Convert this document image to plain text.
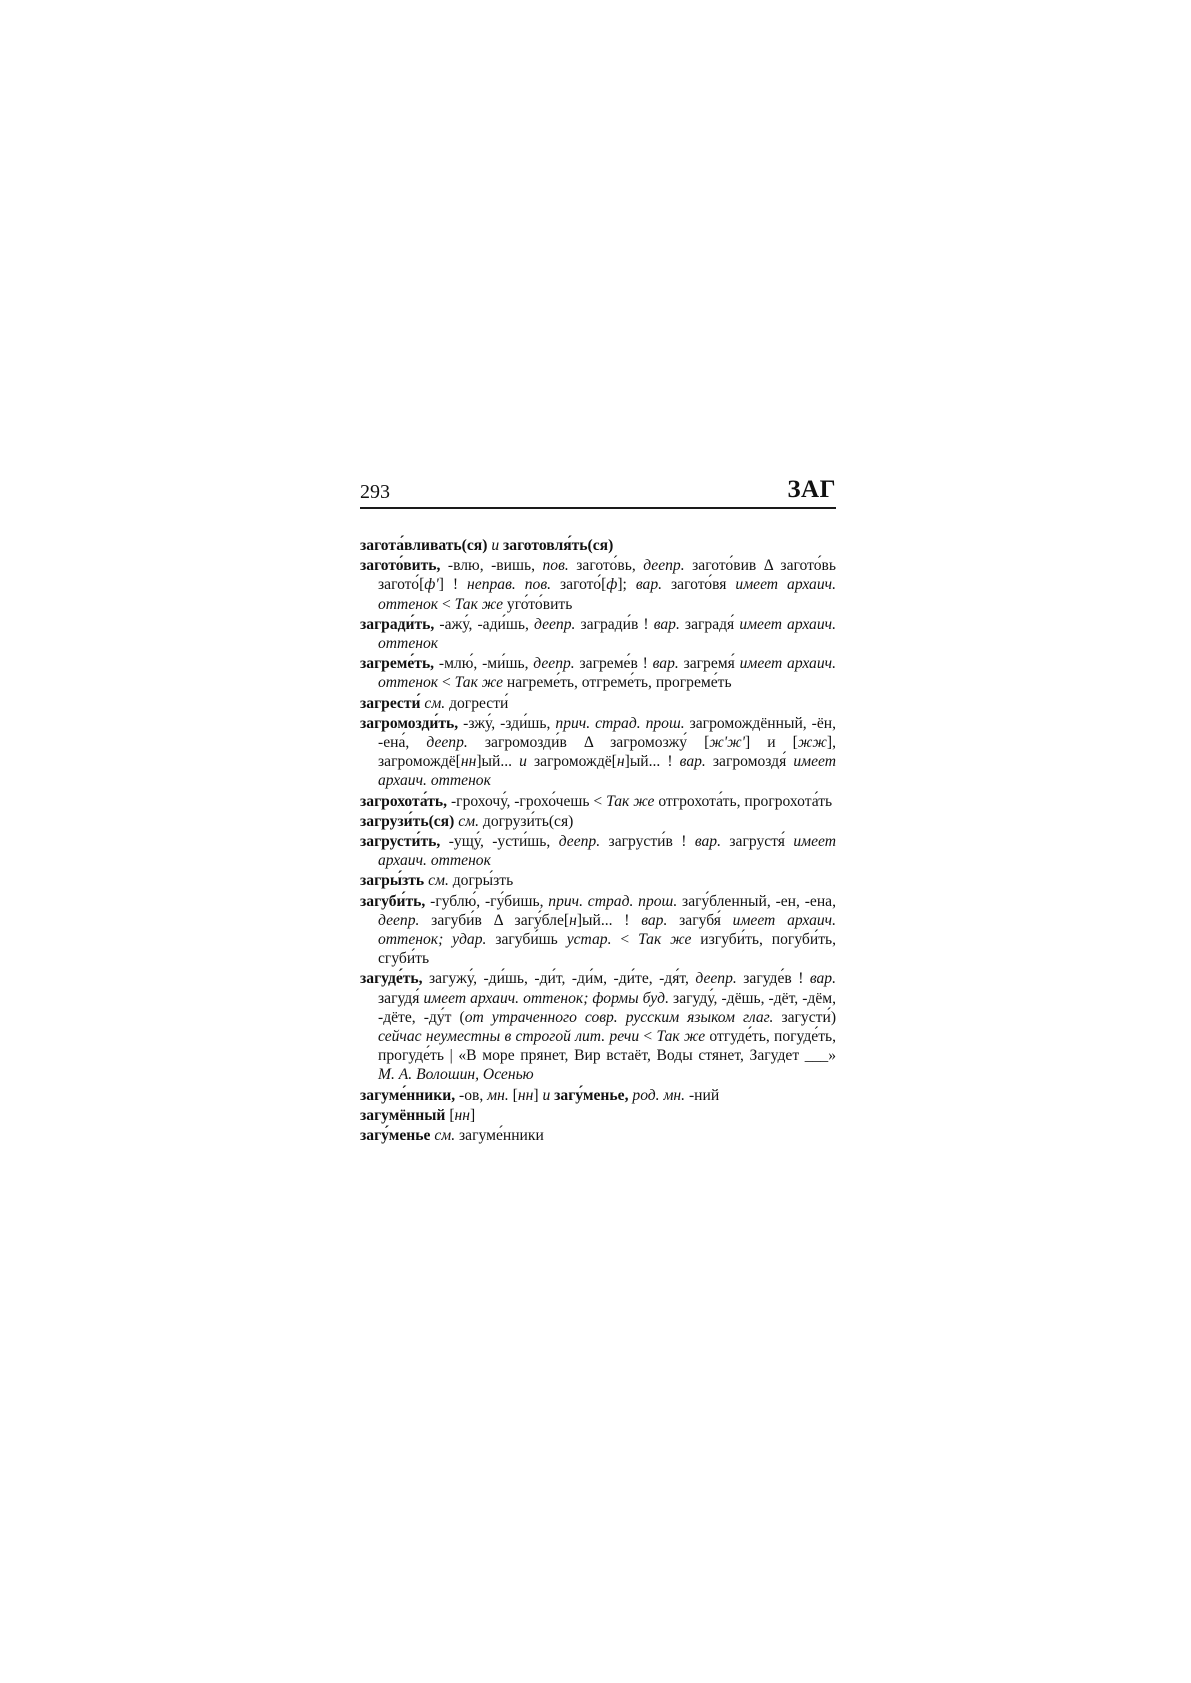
293	ЗАГ

загота́вливать(ся) и заготовля́ть(ся)

загото́вить, -влю, -вишь, пов. загото́вь, деепр. загото́вив Δ загото́вь загото́[ф'] ! неправ. пов. загото́[ф]; вар. загото́вя имеет архаич. оттенок < Так же уго́то́вить

загради́ть, -ажу́, -ади́шь, деепр. загради́в ! вар. заградя́ имеет архаич. оттенок

загреме́ть, -млю́, -ми́шь, деепр. загреме́в ! вар. загремя́ имеет архаич. оттенок < Так же нагреме́ть, отгреме́ть, прогреме́ть

загрести́ см. догрести́

загромозди́ть, -зжу́, -зди́шь, прич. страд. прош. загромождённый, -ён, -ена́, деепр. загромозди́в Δ загромозжу́ [ж'ж'] и [жж], загромождё[нн]ый... и загромождё[н]ый... ! вар. загромоздя́ имеет архаич. оттенок

загрохота́ть, -грохочу́, -грохо́чешь < Так же отгрохота́ть, прогрохота́ть

загрузи́ть(ся) см. догрузи́ть(ся)

загрусти́ть, -ущу́, -усти́шь, деепр. загрусти́в ! вар. загрустя́ имеет архаич. оттенок

загры́зть см. догры́зть

загуби́ть, -гублю́, -гу́бишь, прич. страд. прош. загу́бленный, -ен, -ена, деепр. загуби́в Δ загу́бле[н]ый... ! вар. загубя́ имеет архаич. оттенок; удар. загуби́шь устар. < Так же изгуби́ть, погуби́ть, сгуби́ть

загуде́ть, загужу́, -ди́шь, -ди́т, -ди́м, -ди́те, -дя́т, деепр. загуде́в ! вар. загудя́ имеет архаич. оттенок; формы буд. загуду́, -дёшь, -дёт, -дём, -дёте, -ду́т (от утраченного совр. русским языком глаг. загусти́) сейчас неуместны в строгой лит. речи < Так же отгуде́ть, погуде́ть, прогуде́ть | «В море прянет, Вир встаёт, Воды стянет, Загудет ___» М. А. Волошин, Осенью

загуме́нники, -ов, мн. [нн] и загу́менье, род. мн. -ний

загумённый [нн]

загу́менье см. загуме́нники
